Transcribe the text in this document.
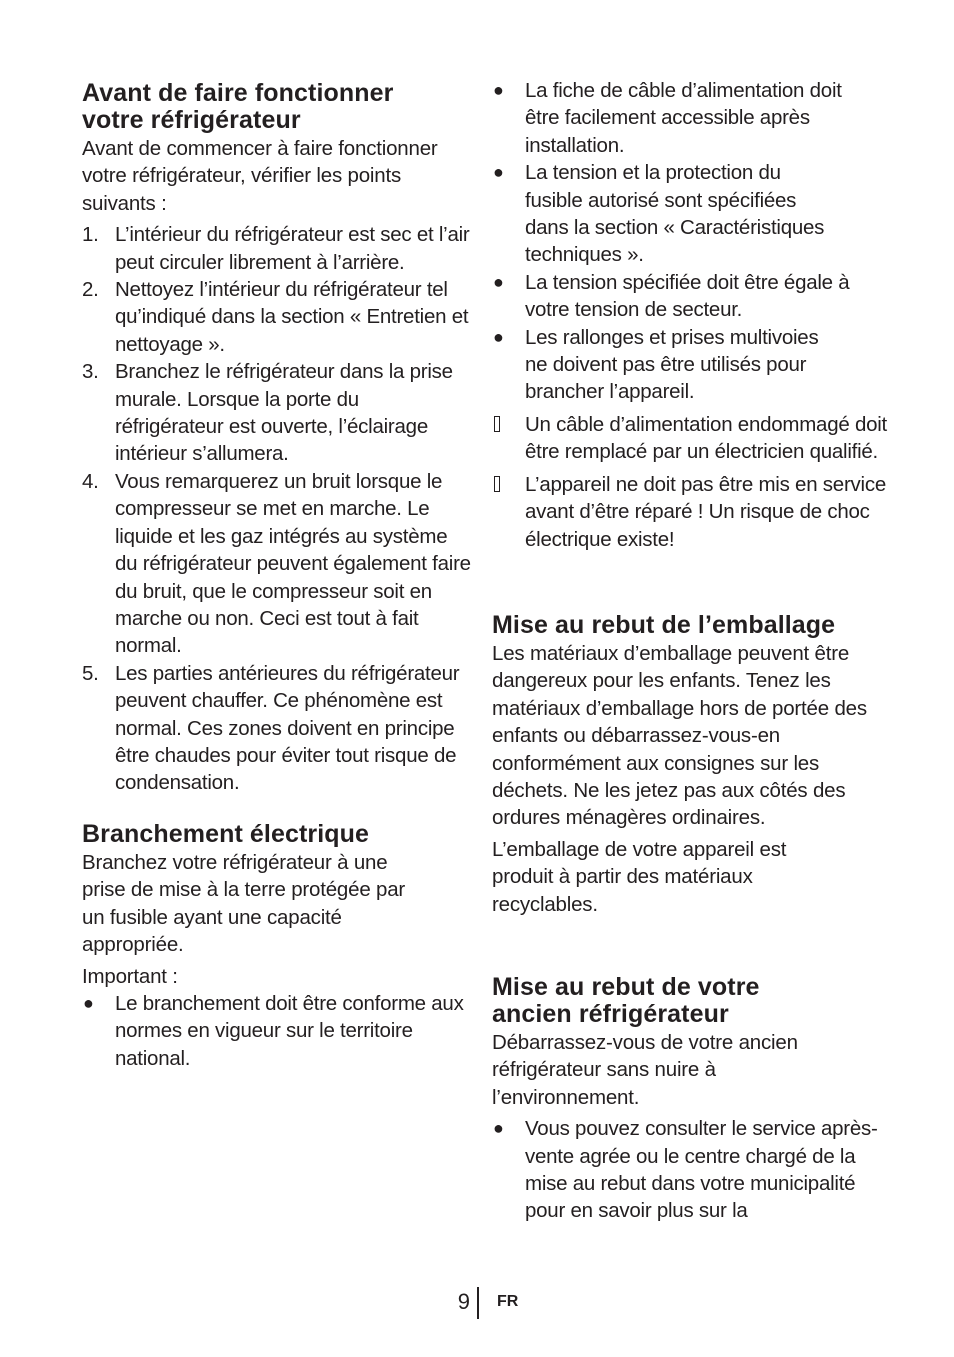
Avant de faire fonctionner
votre réfrigérateur

Avant de commencer à faire fonctionner votre réfrigérateur, vérifier les points suivants :

1. L’intérieur du réfrigérateur est sec et l’air peut circuler librement à l’arrière.
2. Nettoyez l’intérieur du réfrigérateur tel qu’indiqué dans la section « Entretien et nettoyage ».
3. Branchez le réfrigérateur dans la prise murale. Lorsque la porte du réfrigérateur est ouverte, l’éclairage intérieur s’allumera.
4. Vous remarquerez un bruit lorsque le compresseur se met en marche. Le liquide et les gaz intégrés au système du réfrigérateur peuvent également faire du bruit, que le compresseur soit en marche ou non. Ceci est tout à fait normal.
5. Les parties antérieures du réfrigérateur peuvent chauffer. Ce phénomène est normal. Ces zones doivent en principe être chaudes pour éviter tout risque de condensation.
Branchement électrique

Branchez votre réfrigérateur à une prise de mise à la terre protégée par un fusible ayant une capacité appropriée.

Important :

● Le branchement doit être conforme aux normes en vigueur sur le territoire national.
● La fiche de câble d’alimentation doit être facilement accessible après installation.
● La tension et la protection du fusible autorisé sont spécifiées dans la section « Caractéristiques techniques ».
● La tension spécifiée doit être égale à votre tension de secteur.
● Les rallonges et prises multivoies ne doivent pas être utilisés pour brancher l’appareil.
Un câble d’alimentation endommagé doit être remplacé par un électricien qualifié.
L’appareil ne doit pas être mis en service avant d’être réparé ! Un risque de choc électrique existe!
Mise au rebut de l’emballage

Les matériaux d’emballage peuvent être dangereux pour les enfants. Tenez les matériaux d’emballage hors de portée des enfants ou débarrassez-vous-en conformément aux consignes sur les déchets. Ne les jetez pas aux côtés des ordures ménagères ordinaires.

L’emballage de votre appareil est produit à partir des matériaux recyclables.

Mise au rebut de votre
ancien réfrigérateur

Débarrassez-vous de votre ancien réfrigérateur sans nuire à l’environnement.

● Vous pouvez consulter le service après-vente agrée ou le centre chargé de la mise au rebut dans votre municipalité pour en savoir plus sur la
9 FR
